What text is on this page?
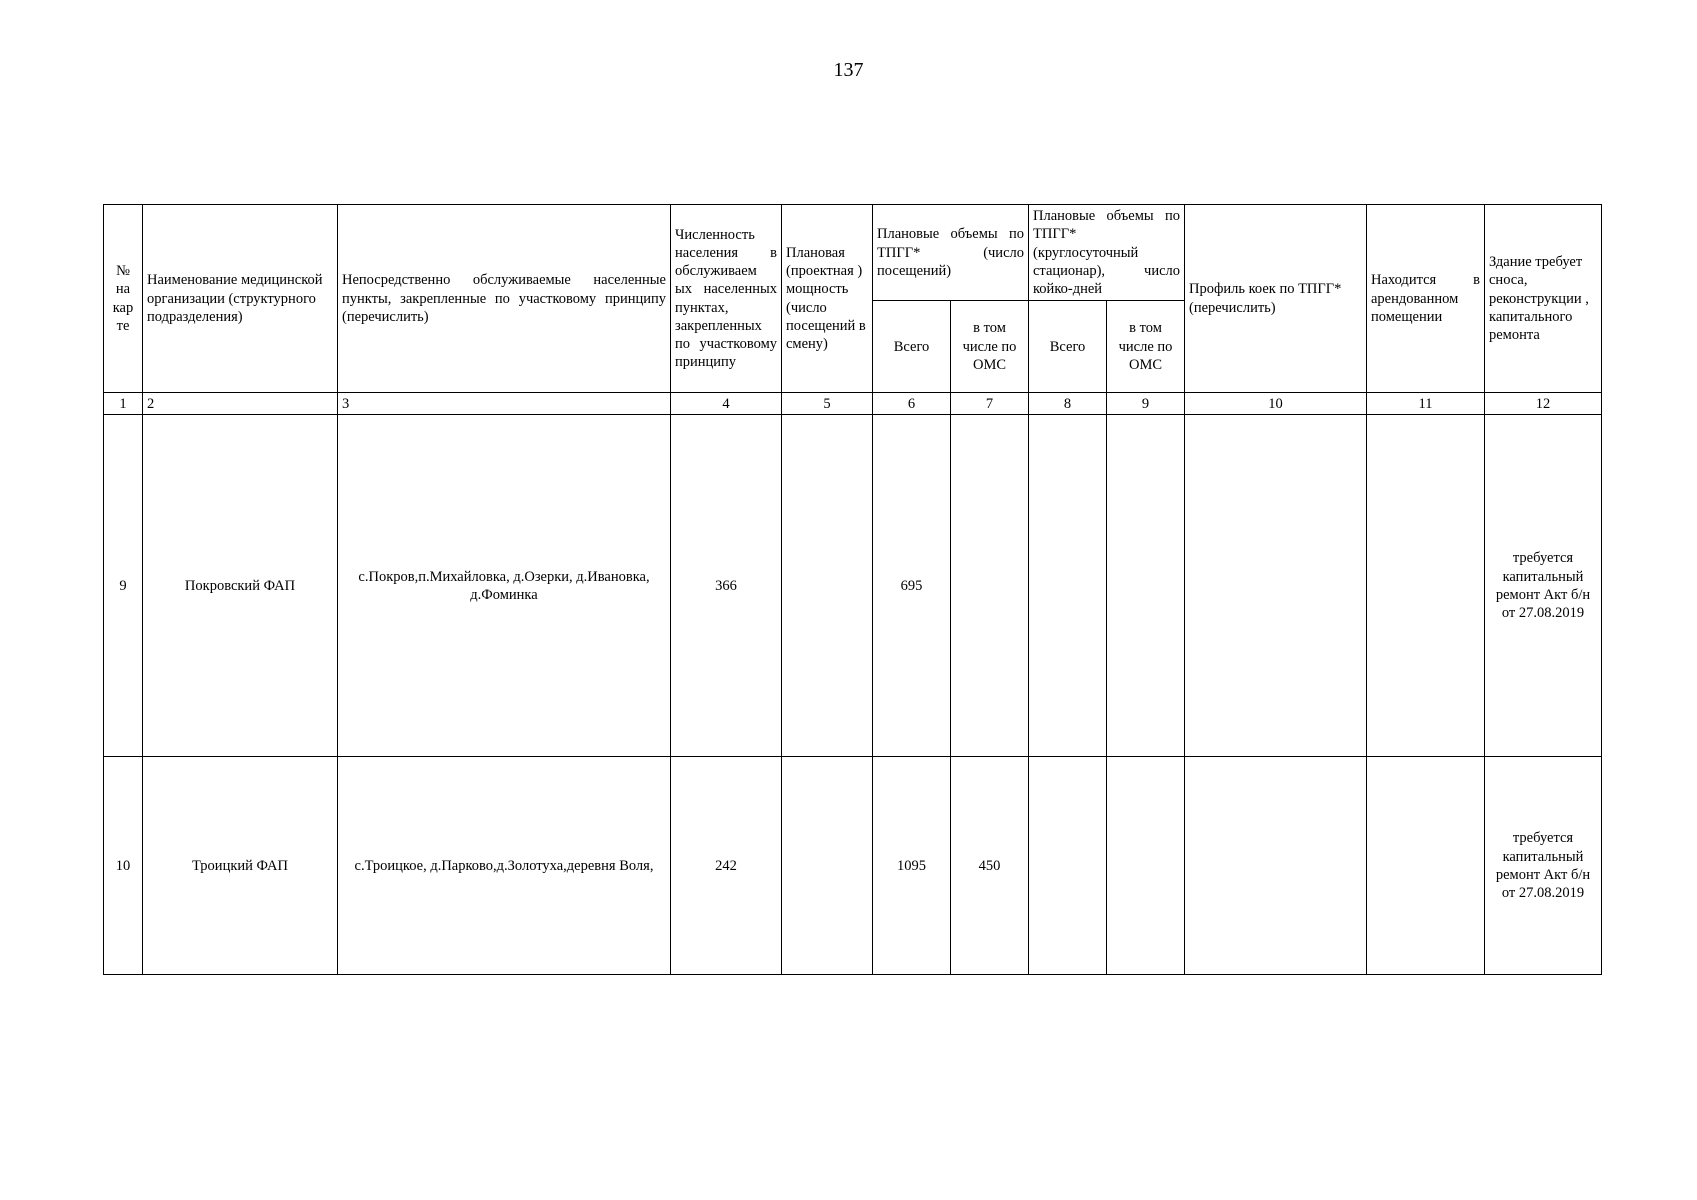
137
№ на кар те	Наименование медицинской организации (структурного подразделения)	Непосредственно обслуживаемые населенные пункты, закрепленные по участковому принципу (перечислить)	Численность населения в обслуживаем ых населенных пунктах, закрепленных по участковому принципу	Плановая (проектная ) мощность (число посещений в смену)	Плановые объемы по ТПГГ* (число посещений)		Плановые объемы по ТПГГ* (круглосуточный стационар), число койко-дней		Профиль коек по ТПГГ* (перечислить)	Находится в арендованном помещении	Здание требует сноса, реконструкции , капитального ремонта
					Всего	в том числе по ОМС	Всего	в том числе по ОМС			
1	2	3	4	5	6	7	8	9	10	11	12
9	Покровский ФАП	с.Покров,п.Михайловка, д.Озерки, д.Ивановка, д.Фоминка	366		695						требуется капитальный ремонт Акт б/н от 27.08.2019
10	Троицкий ФАП	с.Троицкое, д.Парково,д.Золотуха,деревня Воля,	242		1095	450					требуется капитальный ремонт Акт б/н от 27.08.2019
